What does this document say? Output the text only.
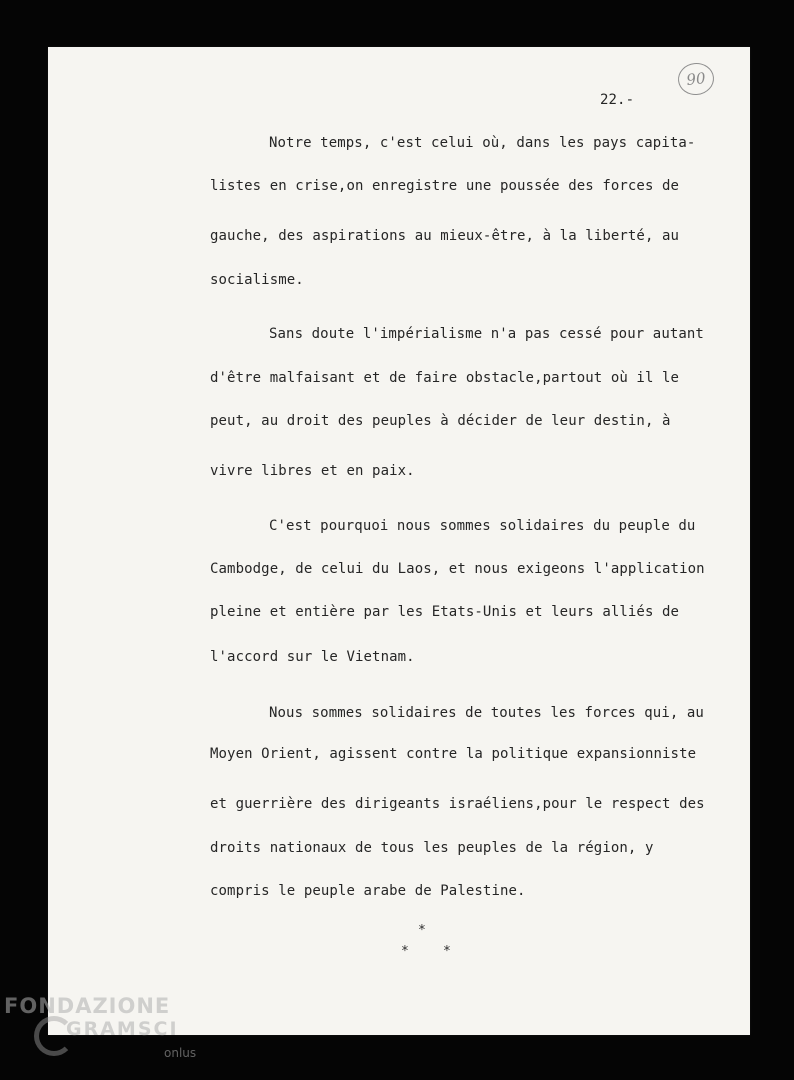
90
22.-
Notre temps, c'est celui où, dans les pays capita-
listes en crise,on enregistre une poussée des forces de
gauche, des aspirations au mieux-être, à la liberté, au
socialisme.
Sans doute l'impérialisme n'a pas cessé pour autant
d'être malfaisant et de faire obstacle,partout où il le
peut, au droit des peuples à décider de leur destin, à
vivre libres et en paix.
C'est pourquoi nous sommes solidaires du peuple du
Cambodge, de celui du Laos, et nous exigeons l'application
pleine et entière par les Etats-Unis et leurs alliés de
l'accord sur le Vietnam.
Nous sommes solidaires de toutes les forces qui, au
Moyen Orient, agissent contre la politique expansionniste
et guerrière des dirigeants israéliens,pour le respect des
droits nationaux de tous les peuples de la région, y
compris le peuple arabe de Palestine.
*
*	*
FONDAZIONE
GRAMSCI
onlus
